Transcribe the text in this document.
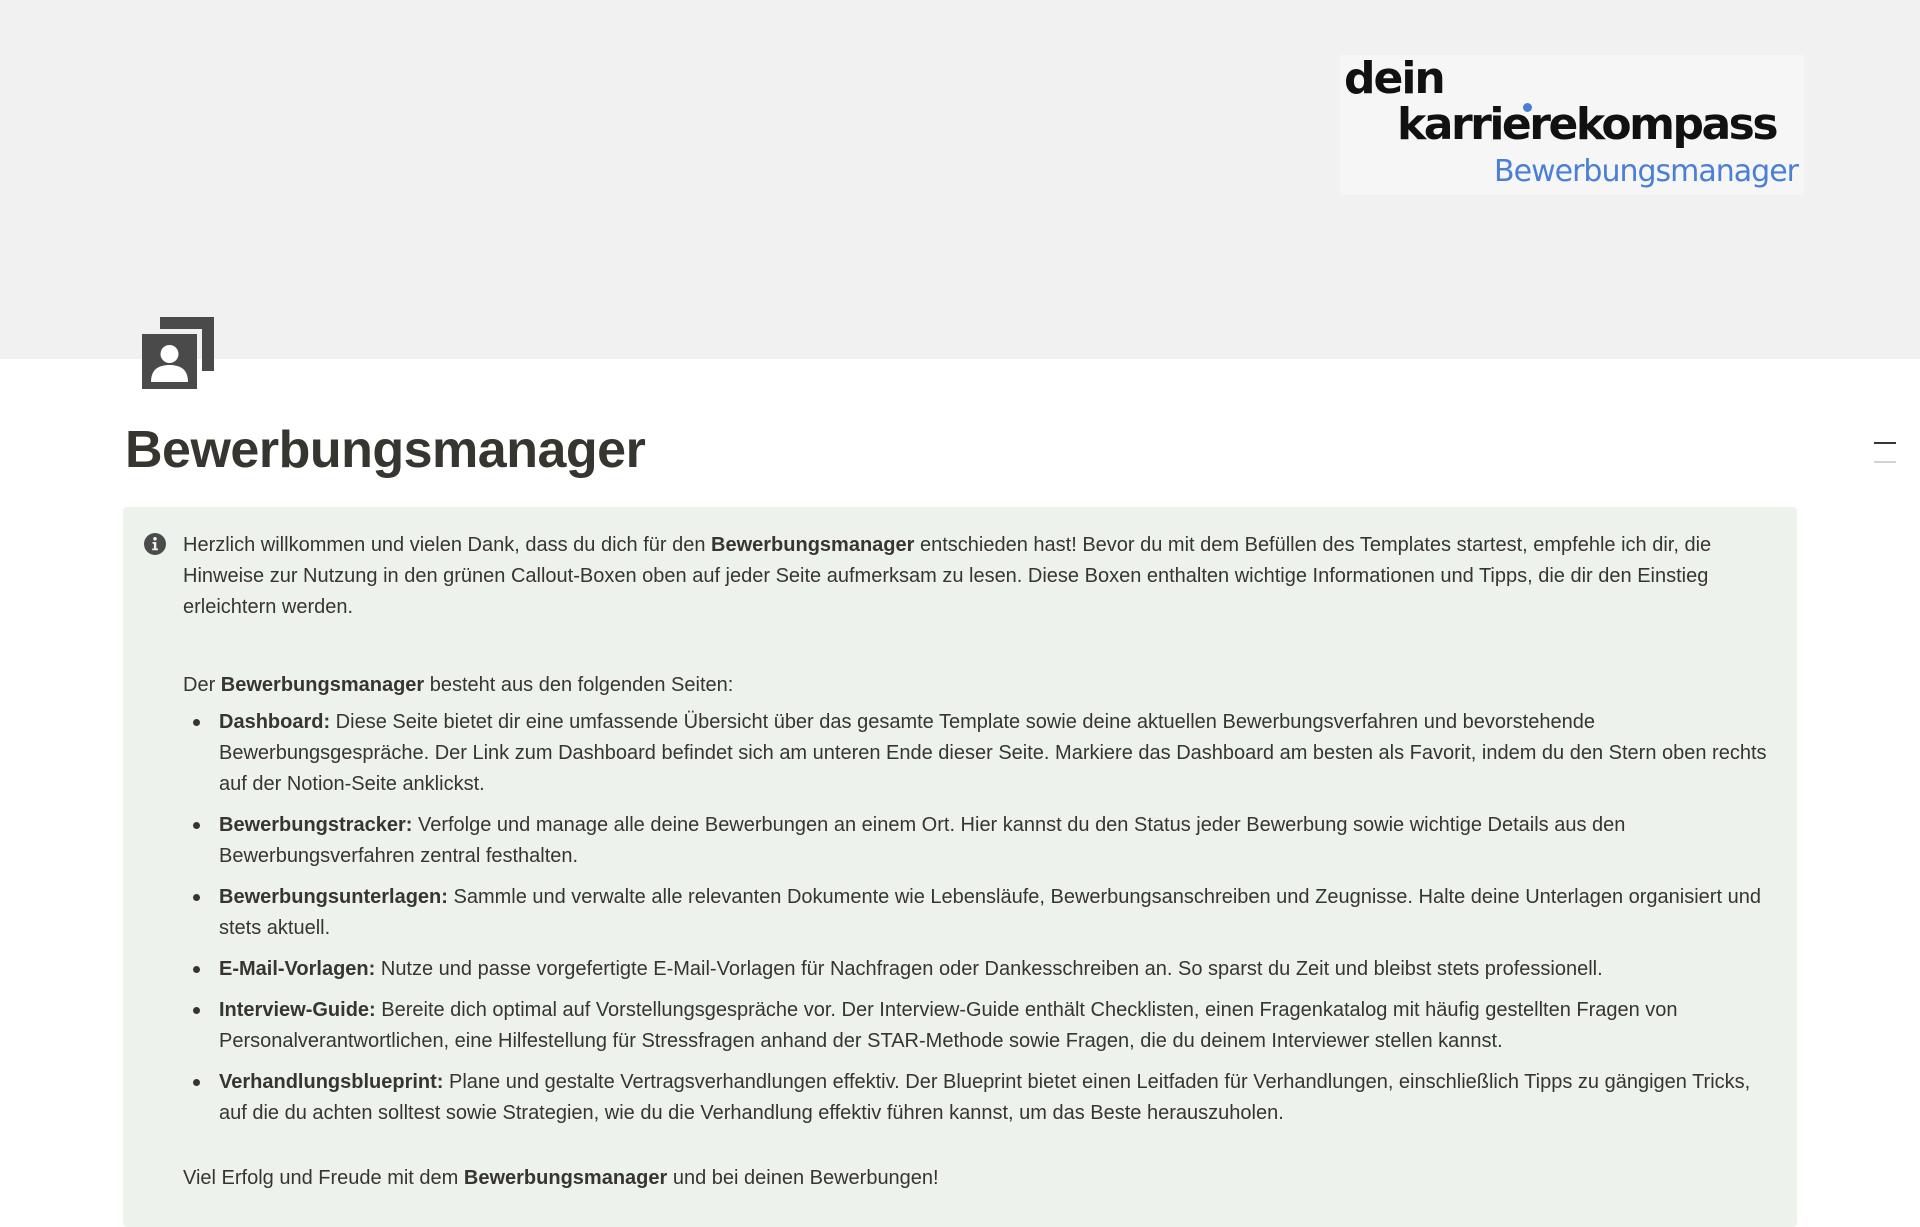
dein
karrierekompass
Bewerbungsmanager
Bewerbungsmanager

Herzlich willkommen und vielen Dank, dass du dich für den Bewerbungsmanager entschieden hast! Bevor du mit dem Befüllen des Templates startest, empfehle ich dir, die Hinweise zur Nutzung in den grünen Callout-Boxen oben auf jeder Seite aufmerksam zu lesen. Diese Boxen enthalten wichtige Informationen und Tipps, die dir den Einstieg erleichtern werden.

Der Bewerbungsmanager besteht aus den folgenden Seiten:

Dashboard: Diese Seite bietet dir eine umfassende Übersicht über das gesamte Template sowie deine aktuellen Bewerbungsverfahren und bevorstehende Bewerbungsgespräche. Der Link zum Dashboard befindet sich am unteren Ende dieser Seite. Markiere das Dashboard am besten als Favorit, indem du den Stern oben rechts auf der Notion-Seite anklickst.
Bewerbungstracker: Verfolge und manage alle deine Bewerbungen an einem Ort. Hier kannst du den Status jeder Bewerbung sowie wichtige Details aus den Bewerbungsverfahren zentral festhalten.
Bewerbungsunterlagen: Sammle und verwalte alle relevanten Dokumente wie Lebensläufe, Bewerbungsanschreiben und Zeugnisse. Halte deine Unterlagen organisiert und stets aktuell.
E-Mail-Vorlagen: Nutze und passe vorgefertigte E-Mail-Vorlagen für Nachfragen oder Dankesschreiben an. So sparst du Zeit und bleibst stets professionell.
Interview-Guide: Bereite dich optimal auf Vorstellungsgespräche vor. Der Interview-Guide enthält Checklisten, einen Fragenkatalog mit häufig gestellten Fragen von Personalverantwortlichen, eine Hilfestellung für Stressfragen anhand der STAR-Methode sowie Fragen, die du deinem Interviewer stellen kannst.
Verhandlungsblueprint: Plane und gestalte Vertragsverhandlungen effektiv. Der Blueprint bietet einen Leitfaden für Verhandlungen, einschließlich Tipps zu gängigen Tricks, auf die du achten solltest sowie Strategien, wie du die Verhandlung effektiv führen kannst, um das Beste herauszuholen.

Viel Erfolg und Freude mit dem Bewerbungsmanager und bei deinen Bewerbungen!
